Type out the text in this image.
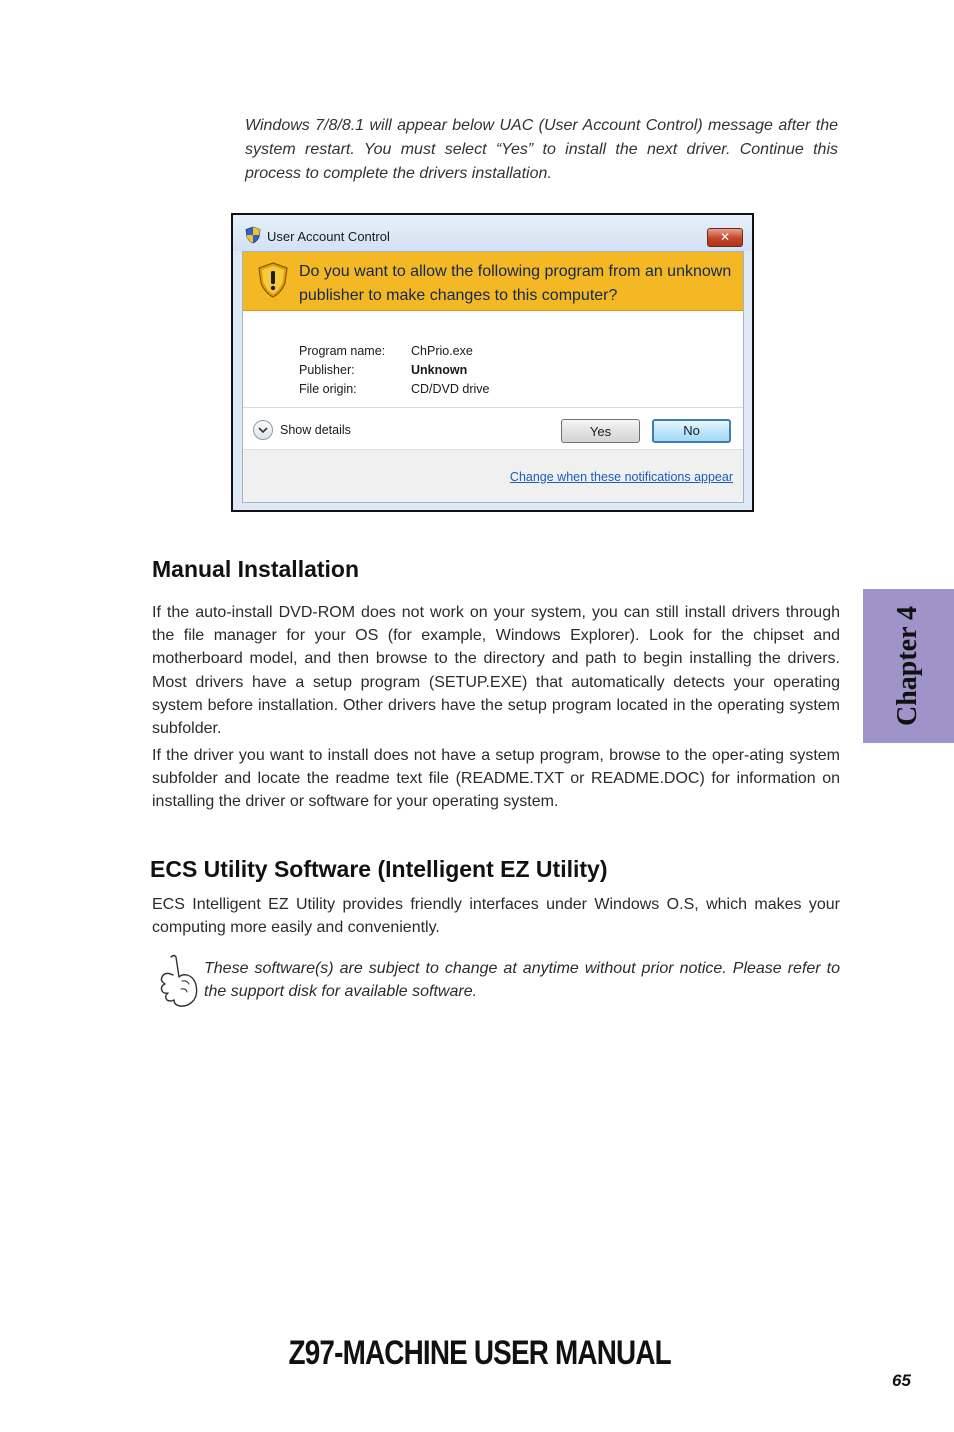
Windows 7/8/8.1 will appear below UAC (User Account Control) message after the system restart. You must select “Yes” to install the next driver. Continue this process to complete the drivers installation.

User Account Control	✕
Do you want to allow the following program from an unknown publisher to make changes to this computer?
Program name:	ChPrio.exe
Publisher:	Unknown
File origin:	CD/DVD drive
Show details	Yes	No
Change when these notifications appear
Manual Installation

If the auto-install DVD-ROM does not work on your system, you can still install drivers through the file manager for your OS (for example, Windows Explorer). Look for the chipset and motherboard model, and then browse to the directory and path to begin installing the drivers. Most drivers have a setup program (SETUP.EXE) that automatically detects your operating system before installation. Other drivers have the setup program located in the operating system subfolder.

If the driver you want to install does not have a setup program, browse to the oper-ating system subfolder and locate the readme text file (README.TXT or README.DOC) for information on installing the driver or software for your operating system.

ECS Utility Software (Intelligent EZ Utility)

ECS Intelligent EZ Utility provides friendly interfaces under Windows O.S, which makes your computing more easily and conveniently.

These software(s) are subject to change at anytime without prior notice. Please refer to the support disk for available software.

Chapter 4
Z97-MACHINE USER MANUAL
65
